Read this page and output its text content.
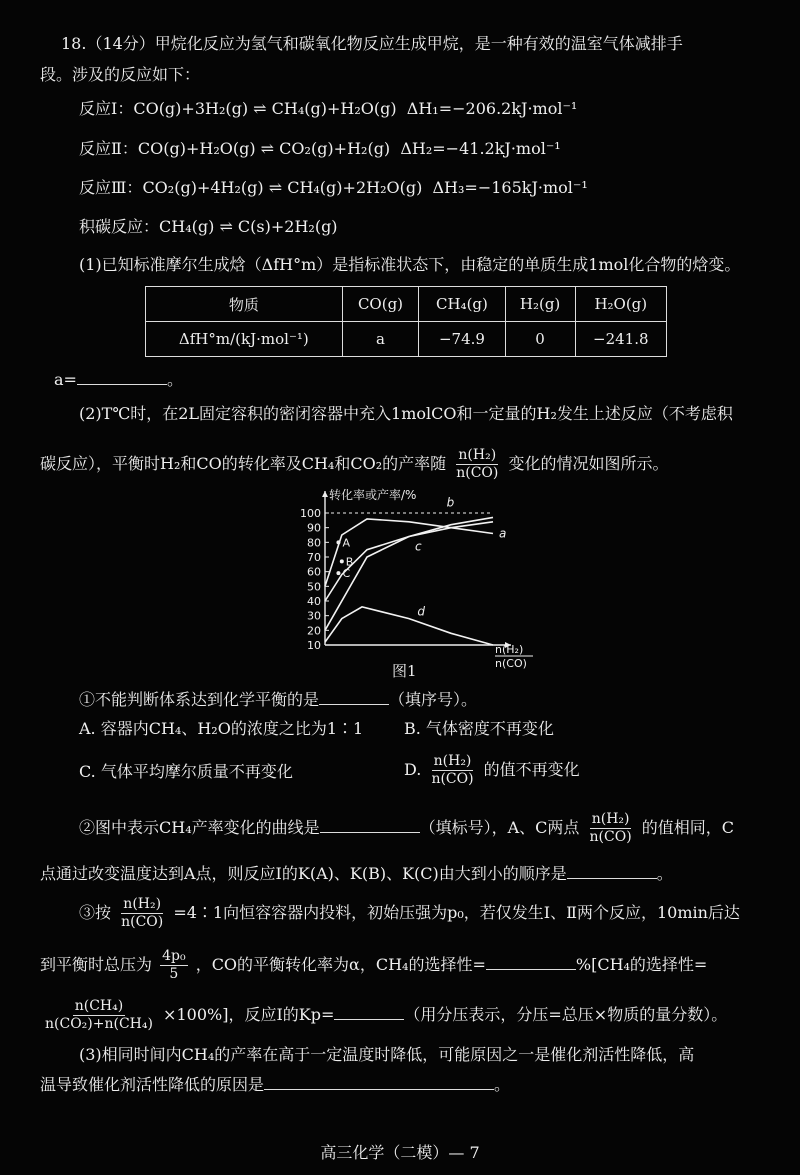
18.（14分）甲烷化反应为氢气和碳氧化物反应生成甲烷，是一种有效的温室气体减排手
段。涉及的反应如下：
反应Ⅰ：CO(g)+3H₂(g) ⇌ CH₄(g)+H₂O(g) ΔH₁=−206.2kJ·mol⁻¹
反应Ⅱ：CO(g)+H₂O(g) ⇌ CO₂(g)+H₂(g) ΔH₂=−41.2kJ·mol⁻¹
反应Ⅲ：CO₂(g)+4H₂(g) ⇌ CH₄(g)+2H₂O(g) ΔH₃=−165kJ·mol⁻¹
积碳反应：CH₄(g) ⇌ C(s)+2H₂(g)
(1)已知标准摩尔生成焓（ΔfH°m）是指标准状态下，由稳定的单质生成1mol化合物的焓变。
物质	CO(g)	CH₄(g)	H₂(g)	H₂O(g)
ΔfH°m/(kJ·mol⁻¹)	a	−74.9	0	−241.8
a=	。
(2)T℃时，在2L固定容积的密闭容器中充入1molCO和一定量的H₂发生上述反应（不考虑积
碳反应），平衡时H₂和CO的转化率及CH₄和CO₂的产率随 $\frac{\text{n(H₂)}}{n(CO)}$ 变化的情况如图所示。
转化率或产率/%
n(H₂)
n(CO)
10
20
30
40
50
60
70
80
90
100
a
b
c
d
A
B
C
图1
①不能判断体系达到化学平衡的是	（填序号）。
A. 容器内CH₄、H₂O的浓度之比为1∶1	B. 气体密度不再变化
C. 气体平均摩尔质量不再变化	D. $\frac{\text{n(H₂)}}{n(CO)}$ 的值不再变化
②图中表示CH₄产率变化的曲线是	（填标号），A、C两点 $\frac{\text{n(H₂)}}{n(CO)}$ 的值相同，C
点通过改变温度达到A点，则反应Ⅰ的K(A)、K(B)、K(C)由大到小的顺序是	。
③按 $\frac{\text{n(H₂)}}{n(CO)}$ =4∶1向恒容容器内投料，初始压强为p₀，若仅发生Ⅰ、Ⅱ两个反应，10min后达
到平衡时总压为 $\frac{\text{4p₀}}{5}$ ，CO的平衡转化率为α，CH₄的选择性=	%[CH₄的选择性=
$\frac{\text{n(CH₄)}}{\text{n(CO₂)+n(CH₄)}} \times 100\%$]，反应Ⅰ的Kp=	（用分压表示，分压=总压×物质的量分数）。
(3)相同时间内CH₄的产率在高于一定温度时降低，可能原因之一是催化剂活性降低，高
温导致催化剂活性降低的原因是	。
高三化学（二模）— 7
